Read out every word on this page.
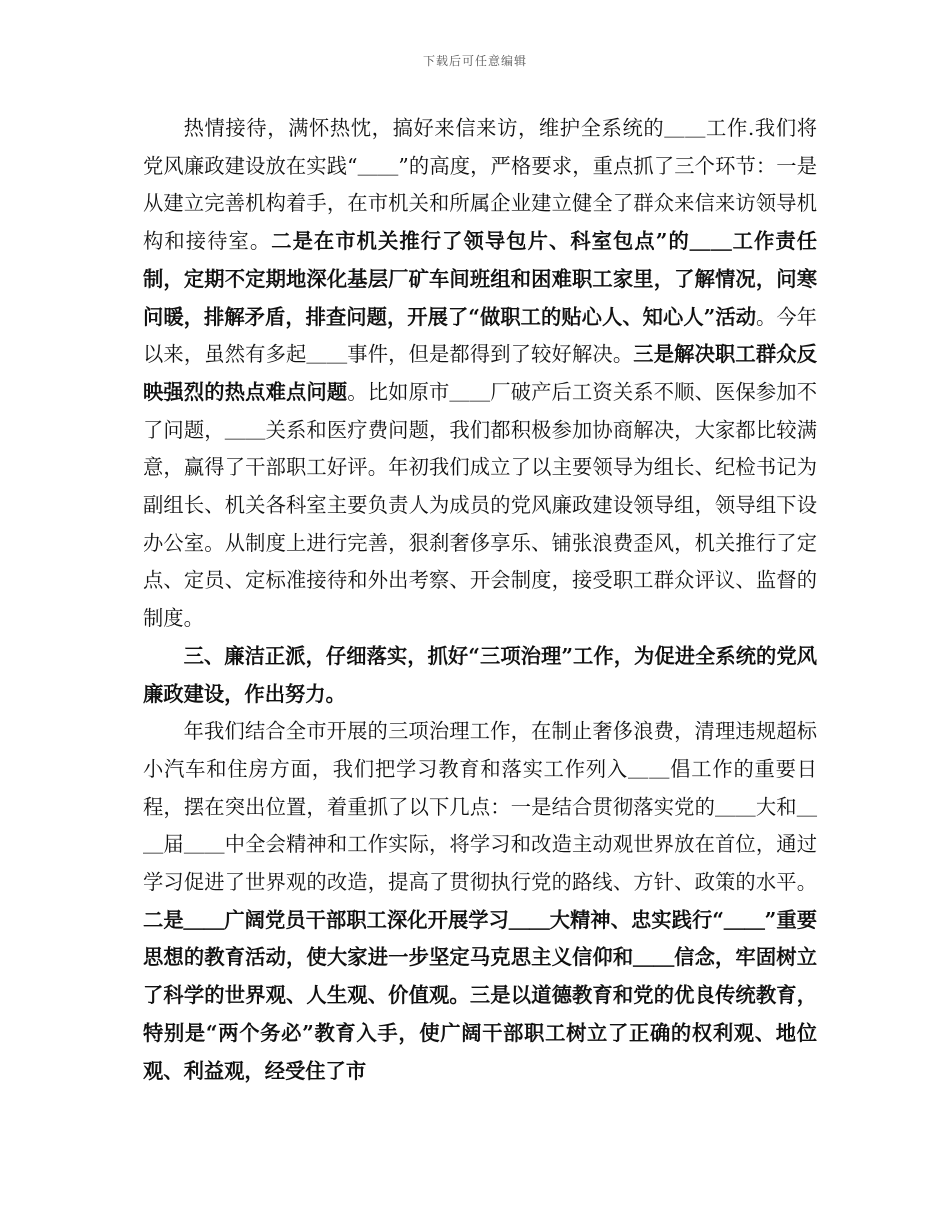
下载后可任意编辑

热情接待，满怀热忱，搞好来信来访，维护全系统的＿＿工作.我们将党风廉政建设放在实践“＿＿”的高度，严格要求，重点抓了三个环节：一是从建立完善机构着手，在市机关和所属企业建立健全了群众来信来访领导机构和接待室。二是在市机关推行了领导包片、科室包点”的＿＿工作责任制，定期不定期地深化基层厂矿车间班组和困难职工家里，了解情况，问寒问暖，排解矛盾，排查问题，开展了“做职工的贴心人、知心人”活动。今年以来，虽然有多起＿＿事件，但是都得到了较好解决。三是解决职工群众反映强烈的热点难点问题。比如原市＿＿厂破产后工资关系不顺、医保参加不了问题，＿＿关系和医疗费问题，我们都积极参加协商解决，大家都比较满意，赢得了干部职工好评。年初我们成立了以主要领导为组长、纪检书记为副组长、机关各科室主要负责人为成员的党风廉政建设领导组，领导组下设办公室。从制度上进行完善，狠刹奢侈享乐、铺张浪费歪风，机关推行了定点、定员、定标准接待和外出考察、开会制度，接受职工群众评议、监督的制度。

三、廉洁正派，仔细落实，抓好“三项治理”工作，为促进全系统的党风廉政建设，作出努力。

年我们结合全市开展的三项治理工作，在制止奢侈浪费，清理违规超标小汽车和住房方面，我们把学习教育和落实工作列入＿＿倡工作的重要日程，摆在突出位置，着重抓了以下几点：一是结合贯彻落实党的＿＿大和＿＿届＿＿中全会精神和工作实际，将学习和改造主动观世界放在首位，通过学习促进了世界观的改造，提高了贯彻执行党的路线、方针、政策的水平。二是＿＿广阔党员干部职工深化开展学习＿＿大精神、忠实践行“＿＿”重要思想的教育活动，使大家进一步坚定马克思主义信仰和＿＿信念，牢固树立了科学的世界观、人生观、价值观。三是以道德教育和党的优良传统教育，特别是“两个务必”教育入手，使广阔干部职工树立了正确的权利观、地位观、利益观，经受住了市
